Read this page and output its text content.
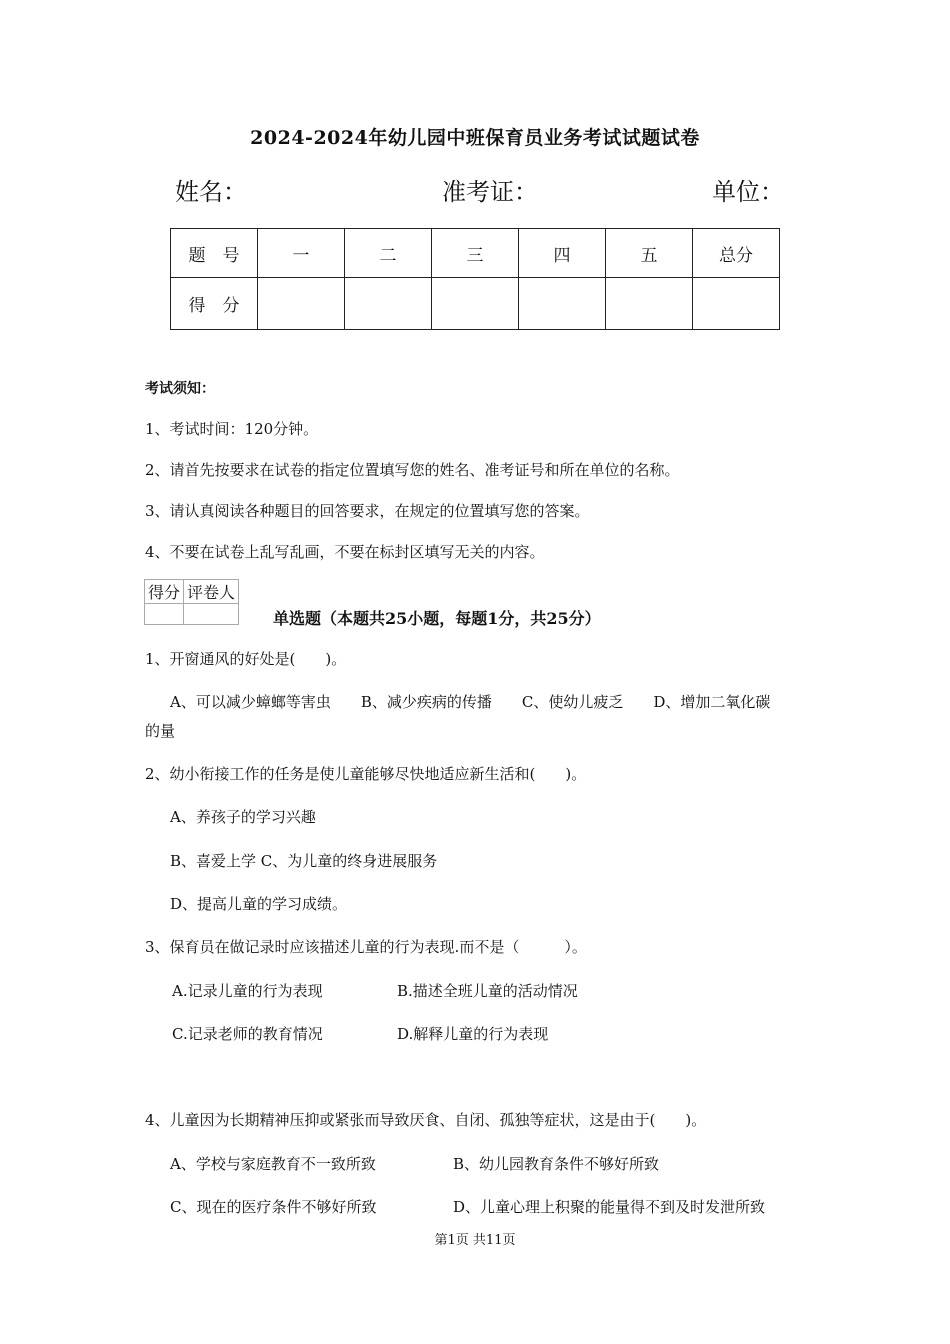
2024-2024年幼儿园中班保育员业务考试试题试卷
姓名：	准考证：	单位：
题　号	一	二	三	四	五	总分
得　分						
考试须知：
1、考试时间：120分钟。
2、请首先按要求在试卷的指定位置填写您的姓名、准考证号和所在单位的名称。
3、请认真阅读各种题目的回答要求，在规定的位置填写您的答案。
4、不要在试卷上乱写乱画，不要在标封区填写无关的内容。
得分	评卷人

单选题（本题共25小题，每题1分，共25分）
1、开窗通风的好处是(　　)。
A、可以减少蟑螂等害虫　　B、减少疾病的传播　　C、使幼儿疲乏　　D、增加二氧化碳
的量
2、幼小衔接工作的任务是使儿童能够尽快地适应新生活和(　　)。
A、养孩子的学习兴趣
B、喜爱上学 C、为儿童的终身进展服务
D、提高儿童的学习成绩。
3、保育员在做记录时应该描述儿童的行为表现.而不是（　　　）。
A.记录儿童的行为表现	B.描述全班儿童的活动情况
C.记录老师的教育情况	D.解释儿童的行为表现
4、儿童因为长期精神压抑或紧张而导致厌食、自闭、孤独等症状，这是由于(　　)。
A、学校与家庭教育不一致所致	B、幼儿园教育条件不够好所致
C、现在的医疗条件不够好所致	D、儿童心理上积聚的能量得不到及时发泄所致
第1页 共11页
